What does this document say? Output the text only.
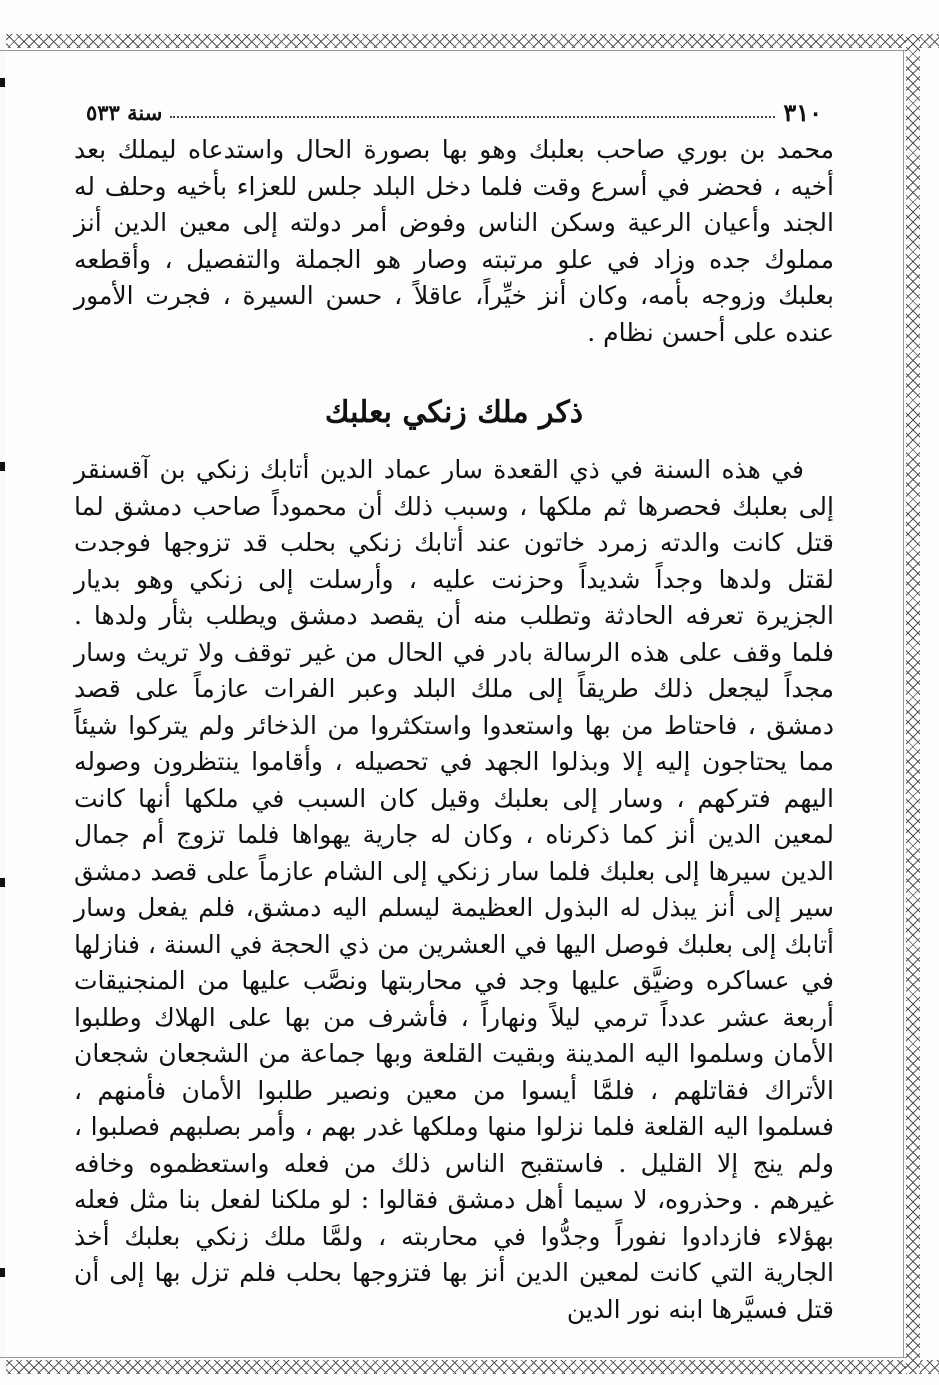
٣١٠
سنة ٥٣٣

محمد بن بوري صاحب بعلبك وهو بها بصورة الحال واستدعاه ليملك بعد أخيه ، فحضر في أسرع وقت فلما دخل البلد جلس للعزاء بأخيه وحلف له الجند وأعيان الرعية وسكن الناس وفوض أمر دولته إلى معين الدين أنز مملوك جده وزاد في علو مرتبته وصار هو الجملة والتفصيل ، وأقطعه بعلبك وزوجه بأمه، وكان أنز خيِّراً، عاقلاً ، حسن السيرة ، فجرت الأمور عنده على أحسن نظام .

ذكر ملك زنكي بعلبك

في هذه السنة في ذي القعدة سار عماد الدين أتابك زنكي بن آقسنقر إلى بعلبك فحصرها ثم ملكها ، وسبب ذلك أن محموداً صاحب دمشق لما قتل كانت والدته زمرد خاتون عند أتابك زنكي بحلب قد تزوجها فوجدت لقتل ولدها وجداً شديداً وحزنت عليه ، وأرسلت إلى زنكي وهو بديار الجزيرة تعرفه الحادثة وتطلب منه أن يقصد دمشق ويطلب بثأر ولدها . فلما وقف على هذه الرسالة بادر في الحال من غير توقف ولا تريث وسار مجداً ليجعل ذلك طريقاً إلى ملك البلد وعبر الفرات عازماً على قصد دمشق ، فاحتاط من بها واستعدوا واستكثروا من الذخائر ولم يتركوا شيئاً مما يحتاجون إليه إلا وبذلوا الجهد في تحصيله ، وأقاموا ينتظرون وصوله اليهم فتركهم ، وسار إلى بعلبك وقيل كان السبب في ملكها أنها كانت لمعين الدين أنز كما ذكرناه ، وكان له جارية يهواها فلما تزوج أم جمال الدين سيرها إلى بعلبك فلما سار زنكي إلى الشام عازماً على قصد دمشق سير إلى أنز يبذل له البذول العظيمة ليسلم اليه دمشق، فلم يفعل وسار أتابك إلى بعلبك فوصل اليها في العشرين من ذي الحجة في السنة ، فنازلها في عساكره وضيَّق عليها وجد في محاربتها ونصَّب عليها من المنجنيقات أربعة عشر عدداً ترمي ليلاً ونهاراً ، فأشرف من بها على الهلاك وطلبوا الأمان وسلموا اليه المدينة وبقيت القلعة وبها جماعة من الشجعان شجعان الأتراك فقاتلهم ، فلمَّا أيسوا من معين ونصير طلبوا الأمان فأمنهم ، فسلموا اليه القلعة فلما نزلوا منها وملكها غدر بهم ، وأمر بصلبهم فصلبوا ، ولم ينج إلا القليل . فاستقبح الناس ذلك من فعله واستعظموه وخافه غيرهم . وحذروه، لا سيما أهل دمشق فقالوا : لو ملكنا لفعل بنا مثل فعله بهؤلاء فازدادوا نفوراً وجدُّوا في محاربته ، ولمَّا ملك زنكي بعلبك أخذ الجارية التي كانت لمعين الدين أنز بها فتزوجها بحلب فلم تزل بها إلى أن قتل فسيَّرها ابنه نور الدين
